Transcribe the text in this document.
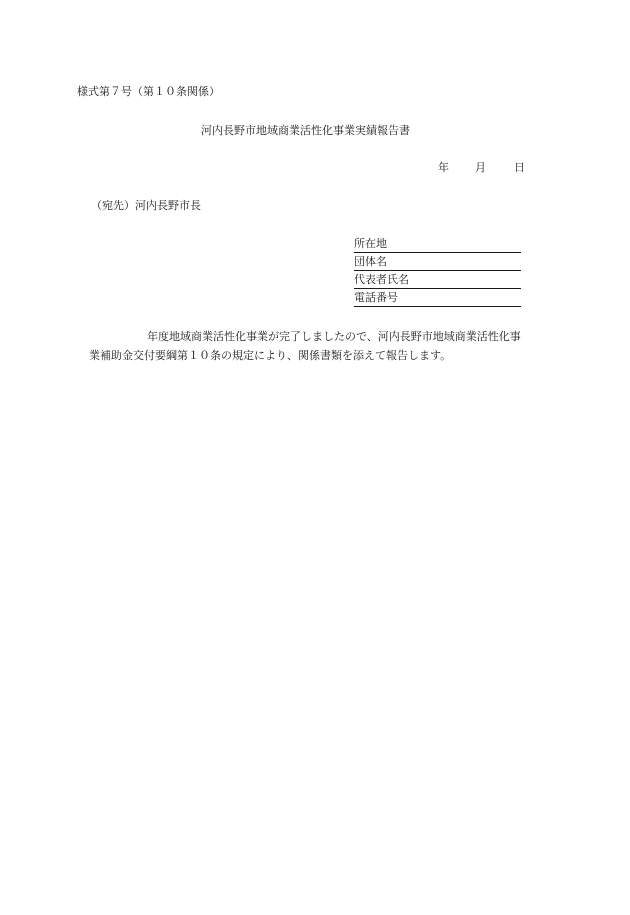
様式第７号（第１０条関係）
河内長野市地域商業活性化事業実績報告書
年 月	日
（宛先）河内長野市長
所在地
団体名
代表者氏名
電話番号
年度地域商業活性化事業が完了しましたので、河内長野市地域商業活性化事
業補助金交付要綱第１０条の規定により、関係書類を添えて報告します。
